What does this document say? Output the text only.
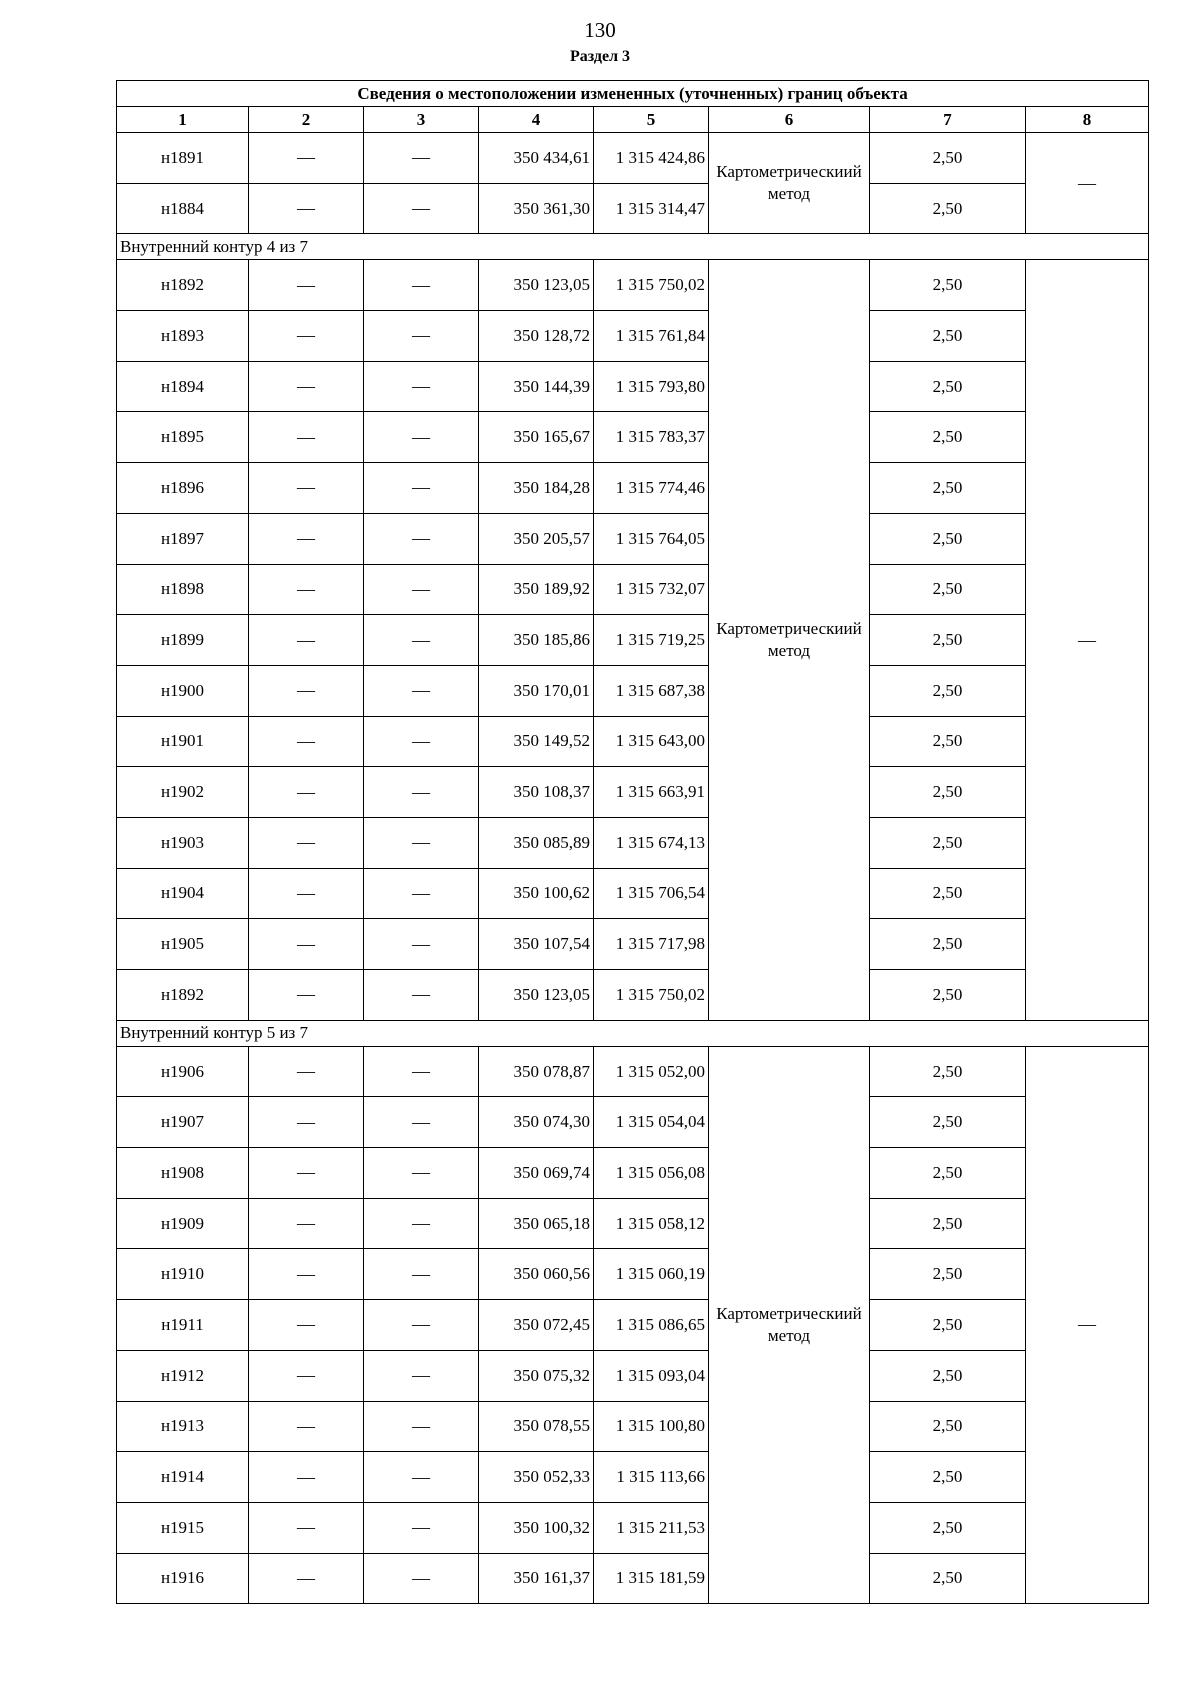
130
Раздел 3
Сведения о местоположении измененных (уточненных) границ объекта							
1	2	3	4	5	6	7	8
н1891	—	—	350 434,61	1 315 424,86	Картометрическиий метод	2,50	—
н1884	—	—	350 361,30	1 315 314,47		2,50	
Внутренний контур 4 из 7							
н1892	—	—	350 123,05	1 315 750,02	Картометрическиий метод	2,50	—
н1893	—	—	350 128,72	1 315 761,84		2,50	
н1894	—	—	350 144,39	1 315 793,80		2,50	
н1895	—	—	350 165,67	1 315 783,37		2,50	
н1896	—	—	350 184,28	1 315 774,46		2,50	
н1897	—	—	350 205,57	1 315 764,05		2,50	
н1898	—	—	350 189,92	1 315 732,07		2,50	
н1899	—	—	350 185,86	1 315 719,25		2,50	
н1900	—	—	350 170,01	1 315 687,38		2,50	
н1901	—	—	350 149,52	1 315 643,00		2,50	
н1902	—	—	350 108,37	1 315 663,91		2,50	
н1903	—	—	350 085,89	1 315 674,13		2,50	
н1904	—	—	350 100,62	1 315 706,54		2,50	
н1905	—	—	350 107,54	1 315 717,98		2,50	
н1892	—	—	350 123,05	1 315 750,02		2,50	
Внутренний контур 5 из 7							
н1906	—	—	350 078,87	1 315 052,00	Картометрическиий метод	2,50	—
н1907	—	—	350 074,30	1 315 054,04		2,50	
н1908	—	—	350 069,74	1 315 056,08		2,50	
н1909	—	—	350 065,18	1 315 058,12		2,50	
н1910	—	—	350 060,56	1 315 060,19		2,50	
н1911	—	—	350 072,45	1 315 086,65		2,50	
н1912	—	—	350 075,32	1 315 093,04		2,50	
н1913	—	—	350 078,55	1 315 100,80		2,50	
н1914	—	—	350 052,33	1 315 113,66		2,50	
н1915	—	—	350 100,32	1 315 211,53		2,50	
н1916	—	—	350 161,37	1 315 181,59		2,50	
